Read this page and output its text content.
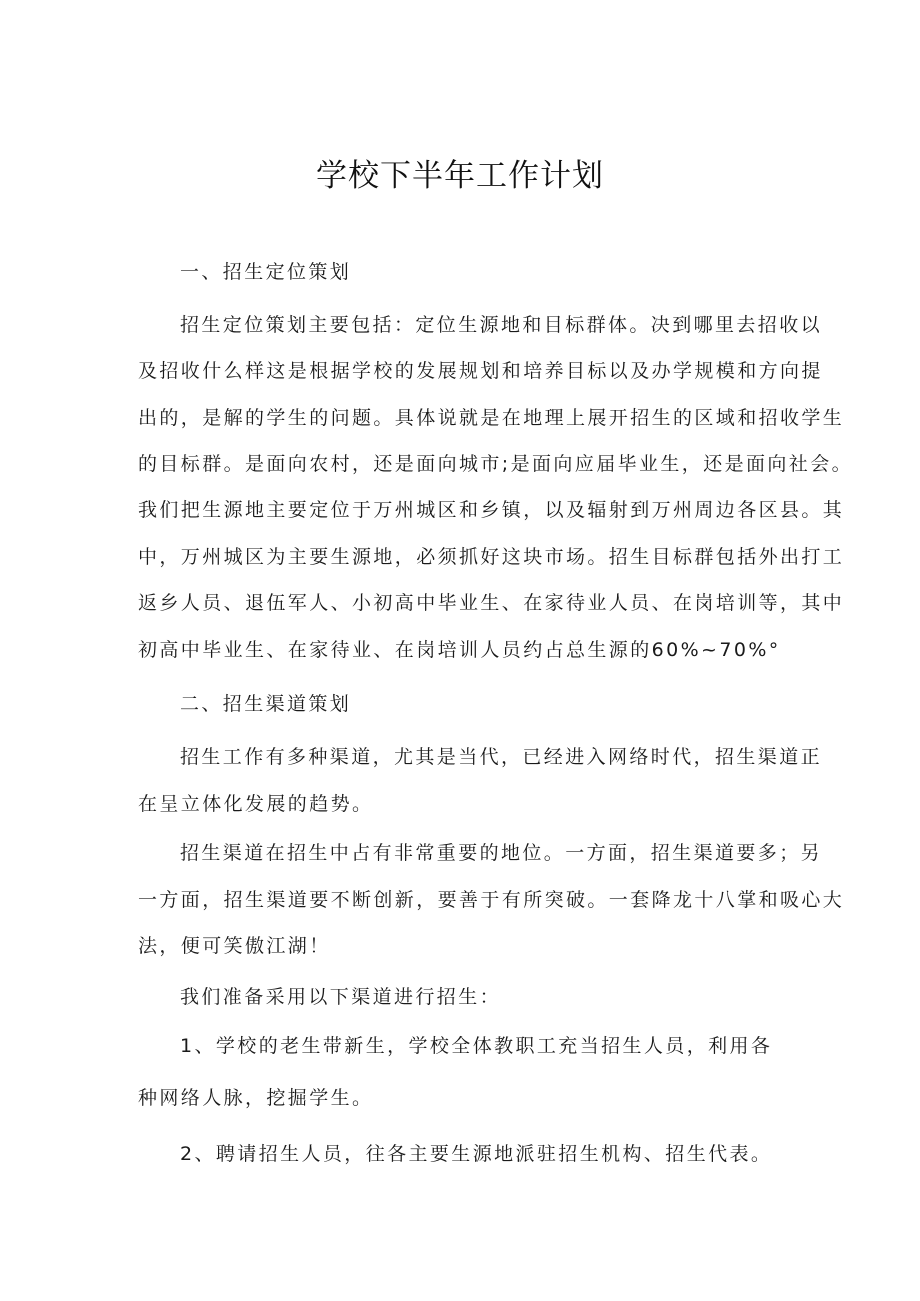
学校下半年工作计划
一、招生定位策划
招生定位策划主要包括：定位生源地和目标群体。决到哪里去招收以
及招收什么样这是根据学校的发展规划和培养目标以及办学规模和方向提
出的，是解的学生的问题。具体说就是在地理上展开招生的区域和招收学生
的目标群。是面向农村，还是面向城市;是面向应届毕业生，还是面向社会。
我们把生源地主要定位于万州城区和乡镇，以及辐射到万州周边各区县。其
中，万州城区为主要生源地，必须抓好这块市场。招生目标群包括外出打工
返乡人员、退伍军人、小初高中毕业生、在家待业人员、在岗培训等，其中
初高中毕业生、在家待业、在岗培训人员约占总生源的60%~70%°
二、招生渠道策划
招生工作有多种渠道，尤其是当代，已经进入网络时代，招生渠道正
在呈立体化发展的趋势。
招生渠道在招生中占有非常重要的地位。一方面，招生渠道要多；另
一方面，招生渠道要不断创新，要善于有所突破。一套降龙十八掌和吸心大
法，便可笑傲江湖！
我们准备采用以下渠道进行招生：
1、学校的老生带新生，学校全体教职工充当招生人员，利用各
种网络人脉，挖掘学生。
2、聘请招生人员，往各主要生源地派驻招生机构、招生代表。
